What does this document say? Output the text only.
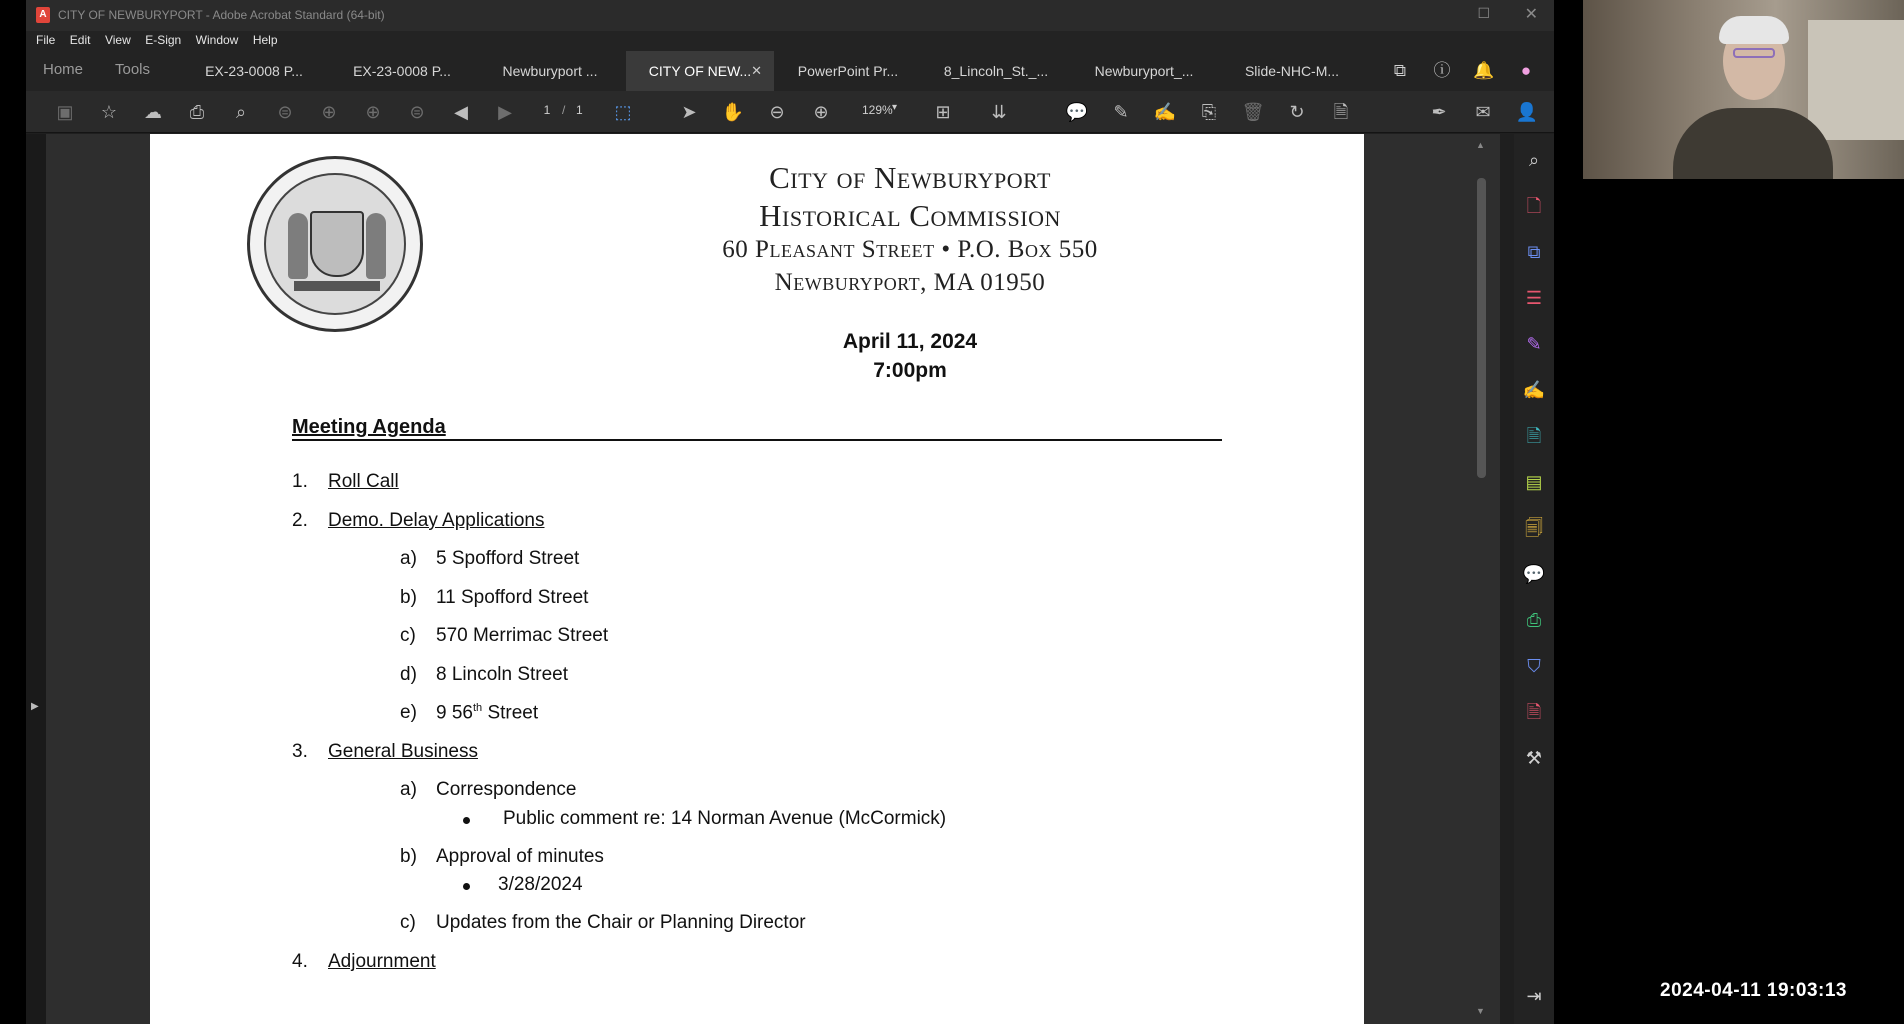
A CITY OF NEWBURYPORT - Adobe Acrobat Standard (64-bit)	☐ ✕
File Edit View E-Sign Window Help
Home Tools	EX-23-0008 P...	EX-23-0008 P...	Newburyport ...	CITY OF NEW... ✕	PowerPoint Pr...	8_Lincoln_St._...	Newburyport_...	Slide-NHC-M...	⧉	ⓘ 🔔	●
▣ ☆ ☁	⎙	⌕	⊜	⊕	⊕	⊜	◀	▶	1 / 1 ⬚	➤	✋	⊖	⊕	129% ▾	⊞	⇊	💬	✎	✍	⎘	🗑	↻	🗎	✒	✉	👤
▶
City of Newburyport
Historical Commission
60 Pleasant Street • P.O. Box 550
Newburyport, MA 01950
April 11, 2024
7:00pm
Meeting Agenda
1. Roll Call
2. Demo. Delay Applications
a) 5 Spofford Street
b) 11 Spofford Street
c) 570 Merrimac Street
d) 8 Lincoln Street
e) 9 56th Street
3. General Business
a) Correspondence
Public comment re: 14 Norman Avenue (McCormick)
b) Approval of minutes
3/28/2024
c) Updates from the Chair or Planning Director
4. Adjournment
▲
▼
⌕
🗋
⧉
☰
✎
✍
🗎
▤
🗐
💬
⎙
⛉
🗎
⚒
⇥	2024-04-11 19:03:13
